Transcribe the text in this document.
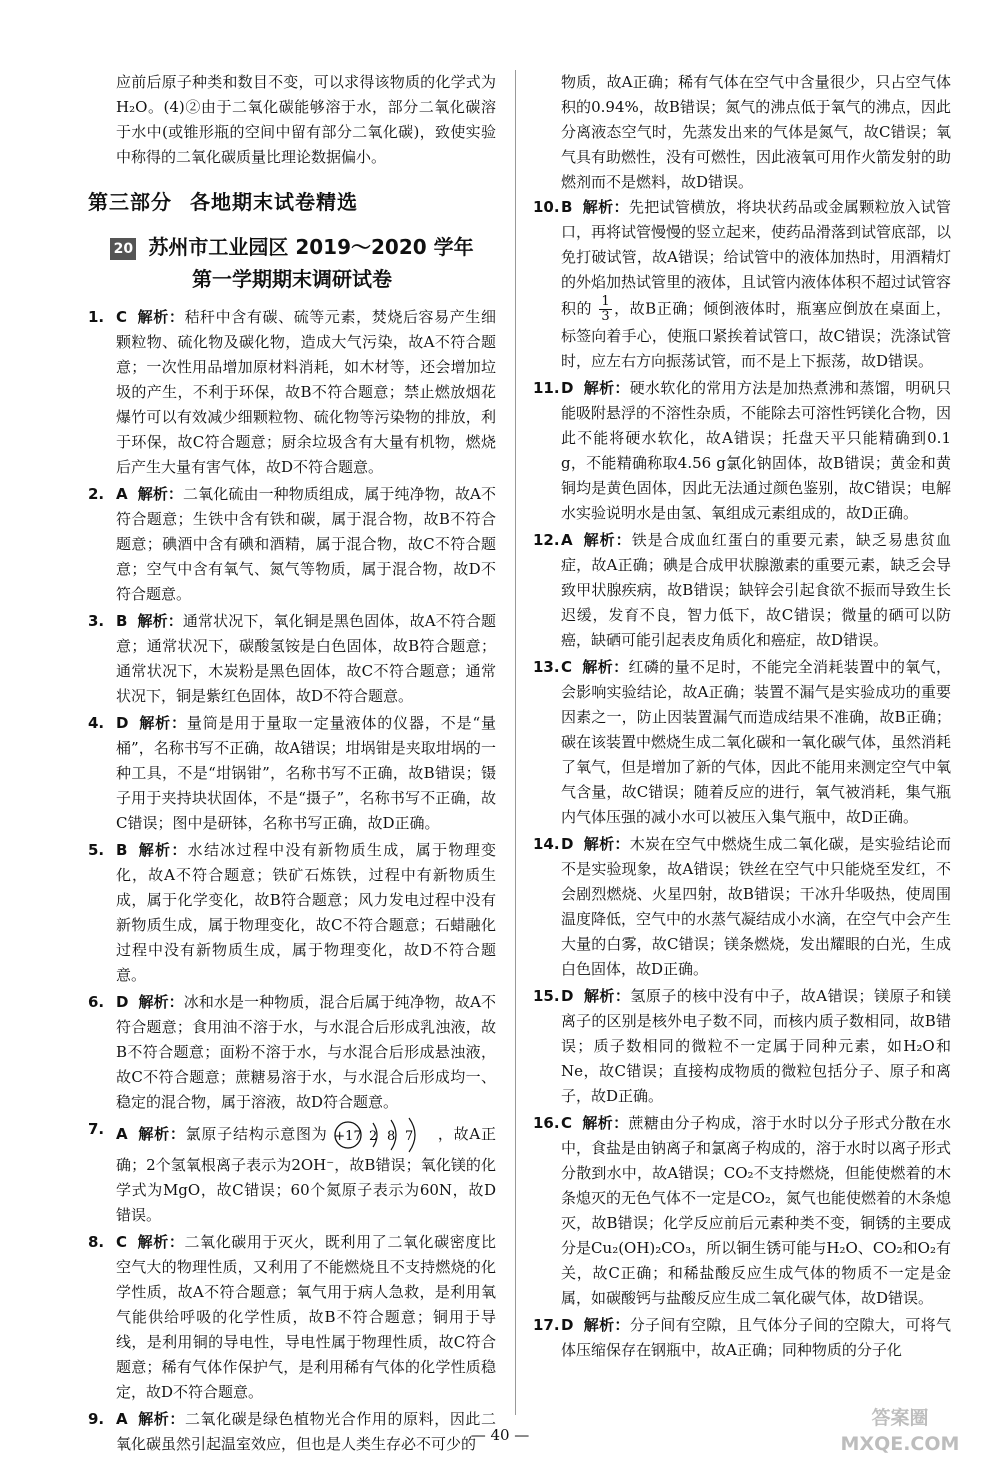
应前后原子种类和数目不变，可以求得该物质的化学式为H₂O。(4)②由于二氧化碳能够溶于水，部分二氧化碳溶于水中(或锥形瓶的空间中留有部分二氧化碳)，致使实验中称得的二氧化碳质量比理论数据偏小。

第三部分 各地期末试卷精选
20 苏州市工业园区 2019～2020 学年
第一学期期末调研试卷
1. C 解析：秸秆中含有碳、硫等元素，焚烧后容易产生细颗粒物、硫化物及碳化物，造成大气污染，故A不符合题意；一次性用品增加原材料消耗，如木材等，还会增加垃圾的产生，不利于环保，故B不符合题意；禁止燃放烟花爆竹可以有效减少细颗粒物、硫化物等污染物的排放，利于环保，故C符合题意；厨余垃圾含有大量有机物，燃烧后产生大量有害气体，故D不符合题意。
2. A 解析：二氧化硫由一种物质组成，属于纯净物，故A不符合题意；生铁中含有铁和碳，属于混合物，故B不符合题意；碘酒中含有碘和酒精，属于混合物，故C不符合题意；空气中含有氧气、氮气等物质，属于混合物，故D不符合题意。
3. B 解析：通常状况下，氧化铜是黑色固体，故A不符合题意；通常状况下，碳酸氢铵是白色固体，故B符合题意；通常状况下，木炭粉是黑色固体，故C不符合题意；通常状况下，铜是紫红色固体，故D不符合题意。
4. D 解析：量筒是用于量取一定量液体的仪器，不是“量桶”，名称书写不正确，故A错误；坩埚钳是夹取坩埚的一种工具，不是“坩锅钳”，名称书写不正确，故B错误；镊子用于夹持块状固体，不是“摄子”，名称书写不正确，故C错误；图中是研钵，名称书写正确，故D正确。
5. B 解析：水结冰过程中没有新物质生成，属于物理变化，故A不符合题意；铁矿石炼铁，过程中有新物质生成，属于化学变化，故B符合题意；风力发电过程中没有新物质生成，属于物理变化，故C不符合题意；石蜡融化过程中没有新物质生成，属于物理变化，故D不符合题意。
6. D 解析：冰和水是一种物质，混合后属于纯净物，故A不符合题意；食用油不溶于水，与水混合后形成乳浊液，故B不符合题意；面粉不溶于水，与水混合后形成悬浊液，故C不符合题意；蔗糖易溶于水，与水混合后形成均一、稳定的混合物，属于溶液，故D符合题意。
7. A 解析：氯原子结构示意图为 +17 2 8 7 ，故A正确；2个氢氧根离子表示为2OH⁻，故B错误；氧化镁的化学式为MgO，故C错误；60个氮原子表示为60N，故D错误。
8. C 解析：二氧化碳用于灭火，既利用了二氧化碳密度比空气大的物理性质，又利用了不能燃烧且不支持燃烧的化学性质，故A不符合题意；氧气用于病人急救，是利用氧气能供给呼吸的化学性质，故B不符合题意；铜用于导线，是利用铜的导电性，导电性属于物理性质，故C符合题意；稀有气体作保护气，是利用稀有气体的化学性质稳定，故D不符合题意。
9. A 解析：二氧化碳是绿色植物光合作用的原料，因此二氧化碳虽然引起温室效应，但也是人类生存必不可少的

物质，故A正确；稀有气体在空气中含量很少，只占空气体积的0.94%，故B错误；氮气的沸点低于氧气的沸点，因此分离液态空气时，先蒸发出来的气体是氮气，故C错误；氧气具有助燃性，没有可燃性，因此液氧可用作火箭发射的助燃剂而不是燃料，故D错误。

10. B 解析：先把试管横放，将块状药品或金属颗粒放入试管口，再将试管慢慢的竖立起来，使药品滑落到试管底部，以免打破试管，故A错误；给试管中的液体加热时，用酒精灯的外焰加热试管里的液体，且试管内液体体积不超过试管容积的 $\frac{1}{3}$ ，故B正确；倾倒液体时，瓶塞应倒放在桌面上，标签向着手心，使瓶口紧挨着试管口，故C错误；洗涤试管时，应左右方向振荡试管，而不是上下振荡，故D错误。
11. D 解析：硬水软化的常用方法是加热煮沸和蒸馏，明矾只能吸附悬浮的不溶性杂质，不能除去可溶性钙镁化合物，因此不能将硬水软化，故A错误；托盘天平只能精确到0.1 g，不能精确称取4.56 g氯化钠固体，故B错误；黄金和黄铜均是黄色固体，因此无法通过颜色鉴别，故C错误；电解水实验说明水是由氢、氧组成元素组成的，故D正确。
12. A 解析：铁是合成血红蛋白的重要元素，缺乏易患贫血症，故A正确；碘是合成甲状腺激素的重要元素，缺乏会导致甲状腺疾病，故B错误；缺锌会引起食欲不振而导致生长迟缓，发育不良，智力低下，故C错误；微量的硒可以防癌，缺硒可能引起表皮角质化和癌症，故D错误。
13. C 解析：红磷的量不足时，不能完全消耗装置中的氧气，会影响实验结论，故A正确；装置不漏气是实验成功的重要因素之一，防止因装置漏气而造成结果不准确，故B正确；碳在该装置中燃烧生成二氧化碳和一氧化碳气体，虽然消耗了氧气，但是增加了新的气体，因此不能用来测定空气中氧气含量，故C错误；随着反应的进行，氧气被消耗，集气瓶内气体压强的减小水可以被压入集气瓶中，故D正确。
14. D 解析：木炭在空气中燃烧生成二氧化碳，是实验结论而不是实验现象，故A错误；铁丝在空气中只能烧至发红，不会剧烈燃烧、火星四射，故B错误；干冰升华吸热，使周围温度降低，空气中的水蒸气凝结成小水滴，在空气中会产生大量的白雾，故C错误；镁条燃烧，发出耀眼的白光，生成白色固体，故D正确。
15. D 解析：氢原子的核中没有中子，故A错误；镁原子和镁离子的区别是核外电子数不同，而核内质子数相同，故B错误；质子数相同的微粒不一定属于同种元素，如H₂O和Ne，故C错误；直接构成物质的微粒包括分子、原子和离子，故D正确。
16. C 解析：蔗糖由分子构成，溶于水时以分子形式分散在水中，食盐是由钠离子和氯离子构成的，溶于水时以离子形式分散到水中，故A错误；CO₂不支持燃烧，但能使燃着的木条熄灭的无色气体不一定是CO₂，氮气也能使燃着的木条熄灭，故B错误；化学反应前后元素种类不变，铜锈的主要成分是Cu₂(OH)₂CO₃，所以铜生锈可能与H₂O、CO₂和O₂有关，故C正确；和稀盐酸反应生成气体的物质不一定是金属，如碳酸钙与盐酸反应生成二氧化碳气体，故D错误。
17. D 解析：分子间有空隙，且气体分子间的空隙大，可将气体压缩保存在钢瓶中，故A正确；同种物质的分子化
— 40 —
答案圈
MXQE.COM
